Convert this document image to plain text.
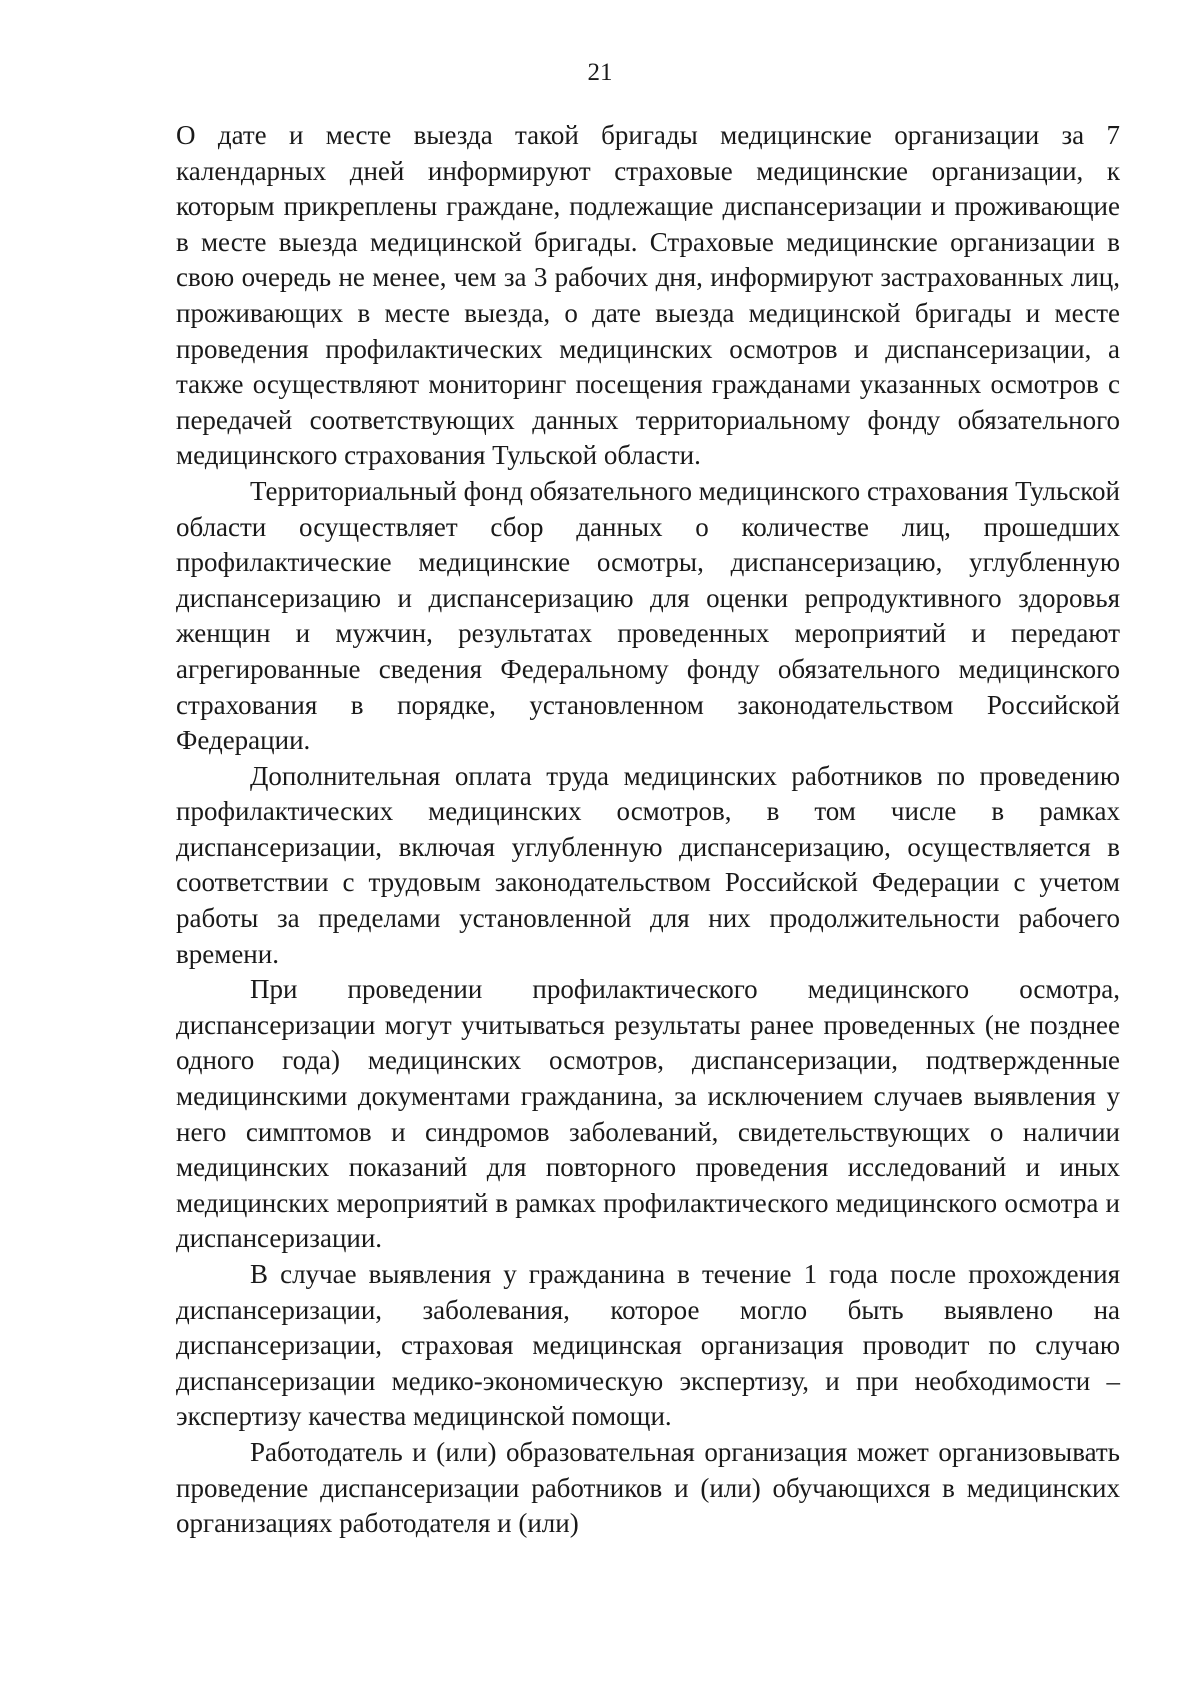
21

О дате и месте выезда такой бригады медицинские организации за 7 календарных дней информируют страховые медицинские организации, к которым прикреплены граждане, подлежащие диспансеризации и проживающие в месте выезда медицинской бригады. Страховые медицинские организации в свою очередь не менее, чем за 3 рабочих дня, информируют застрахованных лиц, проживающих в месте выезда, о дате выезда медицинской бригады и месте проведения профилактических медицинских осмотров и диспансеризации, а также осуществляют мониторинг посещения гражданами указанных осмотров с передачей соответствующих данных территориальному фонду обязательного медицинского страхования Тульской области.

Территориальный фонд обязательного медицинского страхования Тульской области осуществляет сбор данных о количестве лиц, прошедших профилактические медицинские осмотры, диспансеризацию, углубленную диспансеризацию и диспансеризацию для оценки репродуктивного здоровья женщин и мужчин, результатах проведенных мероприятий и передают агрегированные сведения Федеральному фонду обязательного медицинского страхования в порядке, установленном законодательством Российской Федерации.

Дополнительная оплата труда медицинских работников по проведению профилактических медицинских осмотров, в том числе в рамках диспансеризации, включая углубленную диспансеризацию, осуществляется в соответствии с трудовым законодательством Российской Федерации с учетом работы за пределами установленной для них продолжительности рабочего времени.

При проведении профилактического медицинского осмотра, диспансеризации могут учитываться результаты ранее проведенных (не позднее одного года) медицинских осмотров, диспансеризации, подтвержденные медицинскими документами гражданина, за исключением случаев выявления у него симптомов и синдромов заболеваний, свидетельствующих о наличии медицинских показаний для повторного проведения исследований и иных медицинских мероприятий в рамках профилактического медицинского осмотра и диспансеризации.

В случае выявления у гражданина в течение 1 года после прохождения диспансеризации, заболевания, которое могло быть выявлено на диспансеризации, страховая медицинская организация проводит по случаю диспансеризации медико-экономическую экспертизу, и при необходимости – экспертизу качества медицинской помощи.

Работодатель и (или) образовательная организация может организовывать проведение диспансеризации работников и (или) обучающихся в медицинских организациях работодателя и (или)
